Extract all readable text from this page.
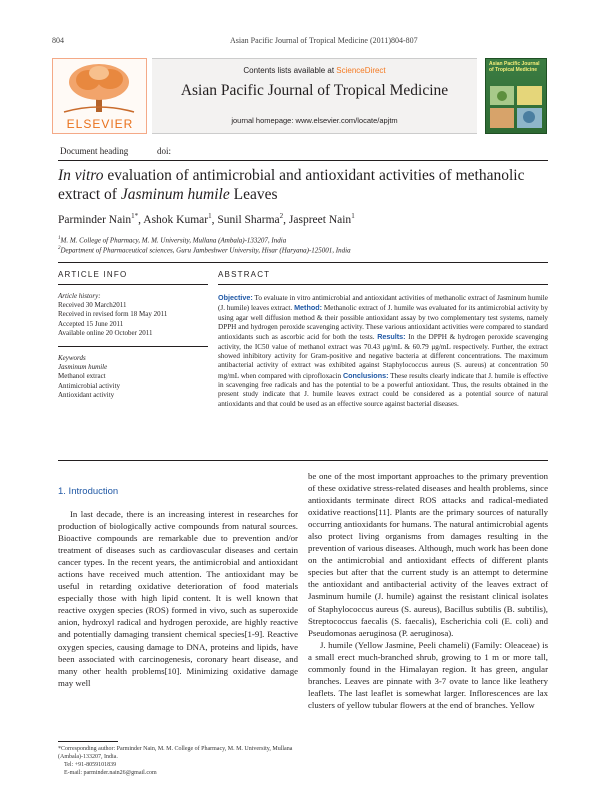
804	Asian Pacific Journal of Tropical Medicine (2011)804-807
ELSEVIER
Contents lists available at ScienceDirect
Asian Pacific Journal of Tropical Medicine
journal homepage: www.elsevier.com/locate/apjtm
Asian Pacific Journal of Tropical Medicine
Document heading	doi:
In vitro evaluation of antimicrobial and antioxidant activities of methanolic extract of Jasminum humile Leaves
Parminder Nain$^{1*}$, Ashok Kumar$^1$, Sunil Sharma$^2$, Jaspreet Nain$^1$
$^1$M. M. College of Pharmacy, M. M. University, Mullana (Ambala)-133207, India
$^2$Department of Pharmaceutical sciences, Guru Jambeshwer University, Hisar (Haryana)-125001, India
ARTICLE INFO
Article history:
Received 30 March2011
Received in revised form 18 May 2011
Accepted 15 June 2011
Available online 20 October 2011
Keywords
Jasminum humile
Methanol extract
Antimicrobial activity
Antioxidant activity
ABSTRACT
Objective: To evaluate in vitro antimicrobial and antioxidant activities of methanolic extract of Jasminum humile (J. humile) leaves extract. Method: Methanolic extract of J. humile was evaluated for its antimicrobial activity by using agar well diffusion method & their possible antioxidant assay by two complementary test systems, namely DPPH and hydrogen peroxide scavenging activity. These various antioxidant activities were compared to standard antioxidants such as ascorbic acid for both the tests. Results: In the DPPH & hydrogen peroxide scavenging activity, the IC50 value of methanol extract was 70.43 μg/mL & 60.79 μg/mL respectively. Further, the extract showed inhibitory activity for Gram-positive and negative bacteria at different concentrations. The maximum antibacterial activity of extract was exhibited against Staphylococcus aureus (S. aureus) at concentration 50 mg/mL when compared with ciprofloxacin Conclusions: These results clearly indicate that J. humile is effective in scavenging free radicals and has the potential to be a powerful antioxidant. Thus, the results obtained in the present study indicate that J. humile leaves extract could be considered as a potential source of natural antioxidants and that could be used as an effective source against bacterial diseases.
1. Introduction

In last decade, there is an increasing interest in researches for production of biologically active compounds from natural sources. Bioactive compounds are remarkable due to prevention and/or treatment of diseases such as cardiovascular diseases and certain cancer types. In the recent years, the antimicrobial and antioxidant actions have received much attention. The antioxidant may be useful in retarding oxidative deterioration of food materials especially those with high lipid content. It is well known that reactive oxygen species (ROS) formed in vivo, such as superoxide anion, hydroxyl radical and hydrogen peroxide, are highly reactive and potentially damaging transient chemical species[1-9]. Reactive oxygen species, causing damage to DNA, proteins and lipids, have been associated with carcinogenesis, coronary heart disease, and many other health problems[10]. Minimizing oxidative damage may well

be one of the most important approaches to the primary prevention of these oxidative stress-related diseases and health problems, since antioxidants terminate direct ROS attacks and radical-mediated oxidative reactions[11]. Plants are the primary sources of naturally occurring antioxidants for humans. The natural antimicrobial agents also protect living organisms from damages resulting in the prevention of various diseases. Although, much work has been done on the antimicrobial and antioxidant effects of different plants species but after that the current study is an attempt to determine the antioxidant and antibacterial activity of the leaves extract of Jasminum humile (J. humile) against the resistant clinical isolates of Staphylococcus aureus (S. aureus), Bacillus subtilis (B. subtilis), Streptococcus faecalis (S. faecalis), Escherichia coli (E. coli) and Pseudomonas aeruginosa (P. aeruginosa).

J. humile (Yellow Jasmine, Peeli chameli) (Family: Oleaceae) is a small erect much-branched shrub, growing to 1 m or more tall, commonly found in the Himalayan region. It has green, angular branches. Leaves are pinnate with 3-7 ovate to lance like leathery leaflets. The last leaflet is somewhat larger. Inflorescences are lax clusters of yellow tubular flowers at the end of branches. Yellow

*Corresponding author: Parminder Nain, M. M. College of Pharmacy, M. M. University, Mullana (Ambala)-133207, India.
Tel: +91-8059101839
E-mail: parminder.nain26@gmail.com
